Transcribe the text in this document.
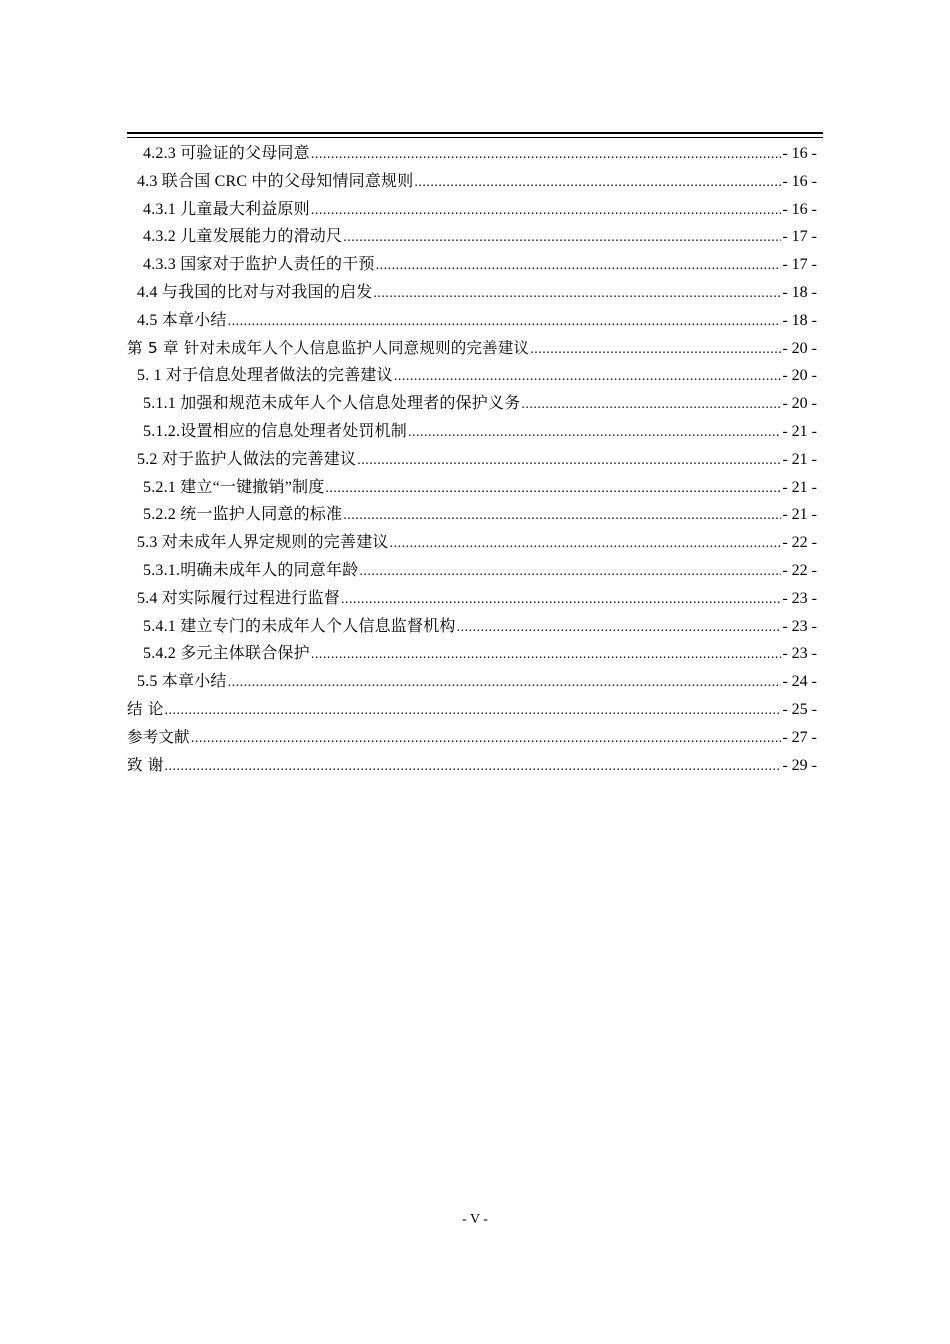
4.2.3 可验证的父母同意 .....	- 16 -
4.3 联合国 CRC 中的父母知情同意规则 .....	- 16 -
4.3.1 儿童最大利益原则 .....	- 16 -
4.3.2 儿童发展能力的滑动尺 .....	- 17 -
4.3.3 国家对于监护人责任的干预 .....	- 17 -
4.4 与我国的比对与对我国的启发 .....	- 18 -
4.5 本章小结 .....	- 18 -
第 5 章 针对未成年人个人信息监护人同意规则的完善建议 .....	- 20 -
5. 1 对于信息处理者做法的完善建议 .....	- 20 -
5.1.1 加强和规范未成年人个人信息处理者的保护义务 .....	- 20 -
5.1.2.设置相应的信息处理者处罚机制 .....	- 21 -
5.2 对于监护人做法的完善建议 .....	- 21 -
5.2.1 建立“一键撤销”制度 .....	- 21 -
5.2.2 统一监护人同意的标准 .....	- 21 -
5.3 对未成年人界定规则的完善建议 .....	- 22 -
5.3.1.明确未成年人的同意年龄 .....	- 22 -
5.4 对实际履行过程进行监督 .....	- 23 -
5.4.1 建立专门的未成年人个人信息监督机构 .....	- 23 -
5.4.2 多元主体联合保护 .....	- 23 -
5.5 本章小结 .....	- 24 -
结 论 .....	- 25 -
参考文献 .....	- 27 -
致 谢 .....	- 29 -
- V -
